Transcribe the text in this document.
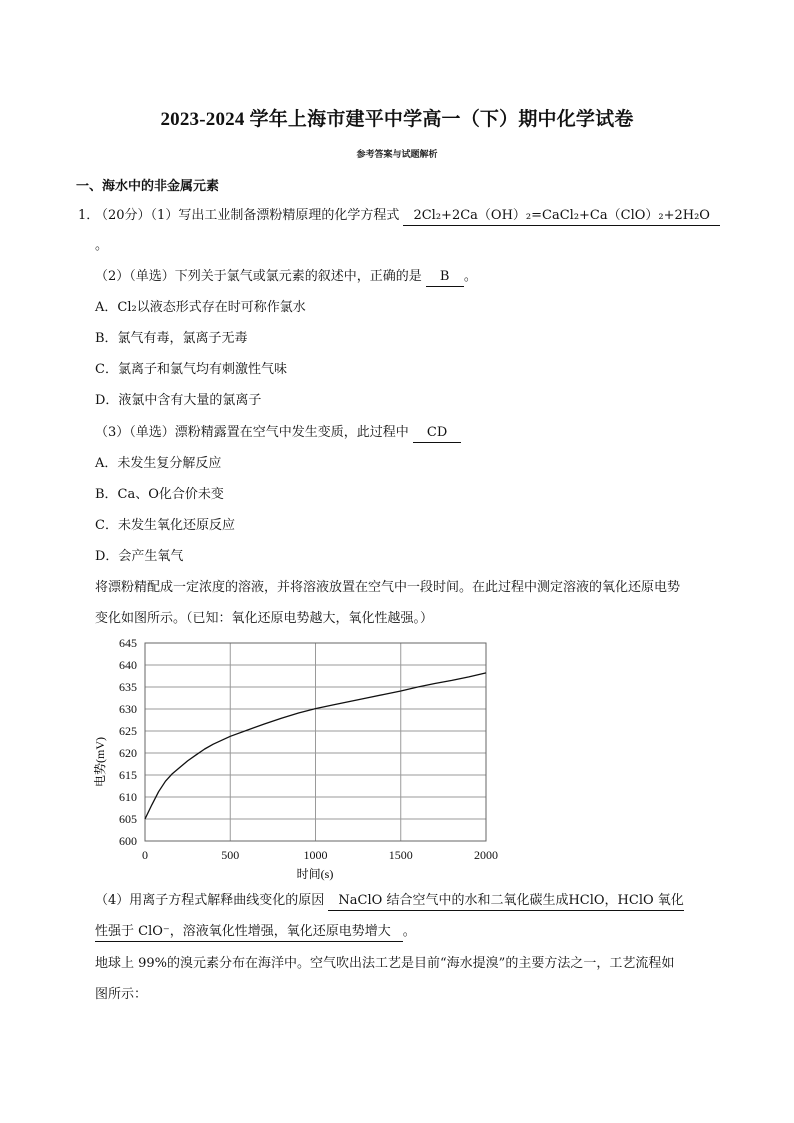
2023-2024 学年上海市建平中学高一（下）期中化学试卷
参考答案与试题解析
一、海水中的非金属元素
1．
（20分）（1）写出工业制备漂粉精原理的化学方程式 2Cl₂+2Ca（OH）₂=CaCl₂+Ca（ClO）₂+2H₂O
。
（2）（单选）下列关于氯气或氯元素的叙述中，正确的是 B 。
A．Cl₂以液态形式存在时可称作氯水
B．氯气有毒，氯离子无毒
C．氯离子和氯气均有刺激性气味
D．液氯中含有大量的氯离子
（3）（单选）漂粉精露置在空气中发生变质，此过程中 CD
A．未发生复分解反应
B．Ca、O化合价未变
C．未发生氧化还原反应
D．会产生氧气
将漂粉精配成一定浓度的溶液，并将溶液放置在空气中一段时间。在此过程中测定溶液的氧化还原电势
变化如图所示。（已知：氧化还原电势越大，氧化性越强。）
0	500	1000	1500	2000
600
605
610
615
620
625
630
635
640
645
时间(s)
电势(mV)
（4）用离子方程式解释曲线变化的原因 NaClO 结合空气中的水和二氧化碳生成HClO，HClO 氧化
性强于 ClO⁻，溶液氧化性增强，氧化还原电势增大 。
地球上 99%的溴元素分布在海洋中。空气吹出法工艺是目前“海水提溴”的主要方法之一，工艺流程如
图所示：
